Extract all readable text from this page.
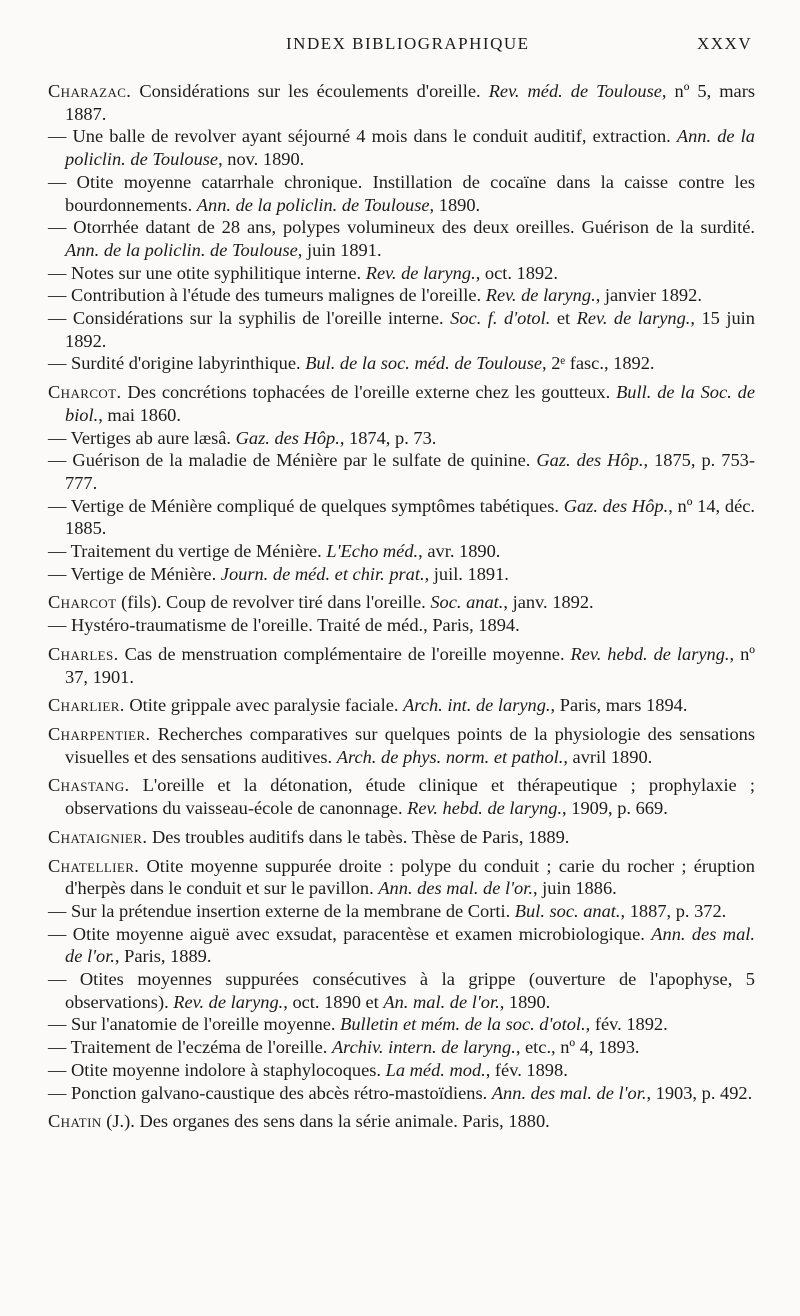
INDEX BIBLIOGRAPHIQUE	XXXV

Charazac. Considérations sur les écoulements d'oreille. Rev. méd. de Toulouse, nº 5, mars 1887.

— Une balle de revolver ayant séjourné 4 mois dans le conduit auditif, extraction. Ann. de la policlin. de Toulouse, nov. 1890.

— Otite moyenne catarrhale chronique. Instillation de cocaïne dans la caisse contre les bourdonnements. Ann. de la policlin. de Toulouse, 1890.

— Otorrhée datant de 28 ans, polypes volumineux des deux oreilles. Guérison de la surdité. Ann. de la policlin. de Toulouse, juin 1891.

— Notes sur une otite syphilitique interne. Rev. de laryng., oct. 1892.

— Contribution à l'étude des tumeurs malignes de l'oreille. Rev. de laryng., janvier 1892.

— Considérations sur la syphilis de l'oreille interne. Soc. f. d'otol. et Rev. de laryng., 15 juin 1892.

— Surdité d'origine labyrinthique. Bul. de la soc. méd. de Toulouse, 2ᵉ fasc., 1892.

Charcot. Des concrétions tophacées de l'oreille externe chez les goutteux. Bull. de la Soc. de biol., mai 1860.

— Vertiges ab aure læsâ. Gaz. des Hôp., 1874, p. 73.

— Guérison de la maladie de Ménière par le sulfate de quinine. Gaz. des Hôp., 1875, p. 753-777.

— Vertige de Ménière compliqué de quelques symptômes tabétiques. Gaz. des Hôp., nº 14, déc. 1885.

— Traitement du vertige de Ménière. L'Echo méd., avr. 1890.

— Vertige de Ménière. Journ. de méd. et chir. prat., juil. 1891.

Charcot (fils). Coup de revolver tiré dans l'oreille. Soc. anat., janv. 1892.

— Hystéro-traumatisme de l'oreille. Traité de méd., Paris, 1894.

Charles. Cas de menstruation complémentaire de l'oreille moyenne. Rev. hebd. de laryng., nº 37, 1901.

Charlier. Otite grippale avec paralysie faciale. Arch. int. de laryng., Paris, mars 1894.

Charpentier. Recherches comparatives sur quelques points de la physiologie des sensations visuelles et des sensations auditives. Arch. de phys. norm. et pathol., avril 1890.

Chastang. L'oreille et la détonation, étude clinique et thérapeutique ; prophylaxie ; observations du vaisseau-école de canonnage. Rev. hebd. de laryng., 1909, p. 669.

Chataignier. Des troubles auditifs dans le tabès. Thèse de Paris, 1889.

Chatellier. Otite moyenne suppurée droite : polype du conduit ; carie du rocher ; éruption d'herpès dans le conduit et sur le pavillon. Ann. des mal. de l'or., juin 1886.

— Sur la prétendue insertion externe de la membrane de Corti. Bul. soc. anat., 1887, p. 372.

— Otite moyenne aiguë avec exsudat, paracentèse et examen microbiologique. Ann. des mal. de l'or., Paris, 1889.

— Otites moyennes suppurées consécutives à la grippe (ouverture de l'apophyse, 5 observations). Rev. de laryng., oct. 1890 et An. mal. de l'or., 1890.

— Sur l'anatomie de l'oreille moyenne. Bulletin et mém. de la soc. d'otol., fév. 1892.

— Traitement de l'eczéma de l'oreille. Archiv. intern. de laryng., etc., nº 4, 1893.

— Otite moyenne indolore à staphylocoques. La méd. mod., fév. 1898.

— Ponction galvano-caustique des abcès rétro-mastoïdiens. Ann. des mal. de l'or., 1903, p. 492.

Chatin (J.). Des organes des sens dans la série animale. Paris, 1880.
